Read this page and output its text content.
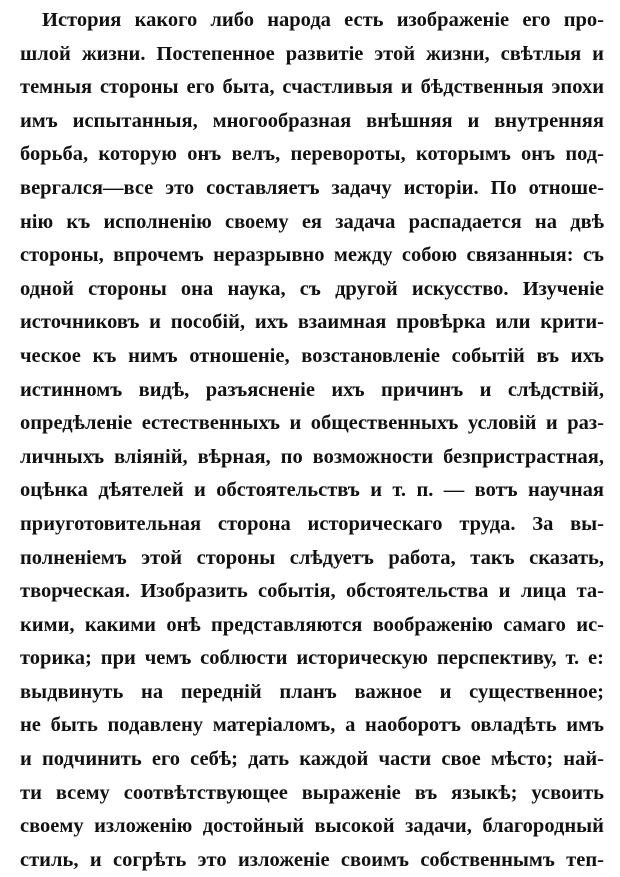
История какого либо народа есть изображеніе его про-
шлой жизни. Постепенное развитіе этой жизни, свѣтлыя и
темныя стороны его быта, счастливыя и бѣдственныя эпохи
имъ испытанныя, многообразная внѣшняя и внутренняя
борьба, которую онъ велъ, перевороты, которымъ онъ под-
вергался—все это составляетъ задачу исторіи. По отноше-
нію къ исполненію своему ея задача распадается на двѣ
стороны, впрочемъ неразрывно между собою связанныя: съ
одной стороны она наука, съ другой искусство. Изученіе
источниковъ и пособій, ихъ взаимная провѣрка или крити-
ческое къ нимъ отношеніе, возстановленіе событій въ ихъ
истинномъ видѣ, разъясненіе ихъ причинъ и слѣдствій,
опредѣленіе естественныхъ и общественныхъ условій и раз-
личныхъ вліяній, вѣрная, по возможности безпристрастная,
оцѣнка дѣятелей и обстоятельствъ и т. п. — вотъ научная
приуготовительная сторона историческаго труда. За вы-
полненіемъ этой стороны слѣдуетъ работа, такъ сказать,
творческая. Изобразить событія, обстоятельства и лица та-
кими, какими онѣ представляются воображенію самаго ис-
торика; при чемъ соблюсти историческую перспективу, т. е:
выдвинуть на передній планъ важное и существенное;
не быть подавлену матеріаломъ, а наоборотъ овладѣть имъ
и подчинить его себѣ; дать каждой части свое мѣсто; най-
ти всему соотвѣтствующее выраженіе въ языкѣ; усвоить
своему изложенію достойный высокой задачи, благородный
стиль, и согрѣть это изложеніе своимъ собственнымъ теп-
